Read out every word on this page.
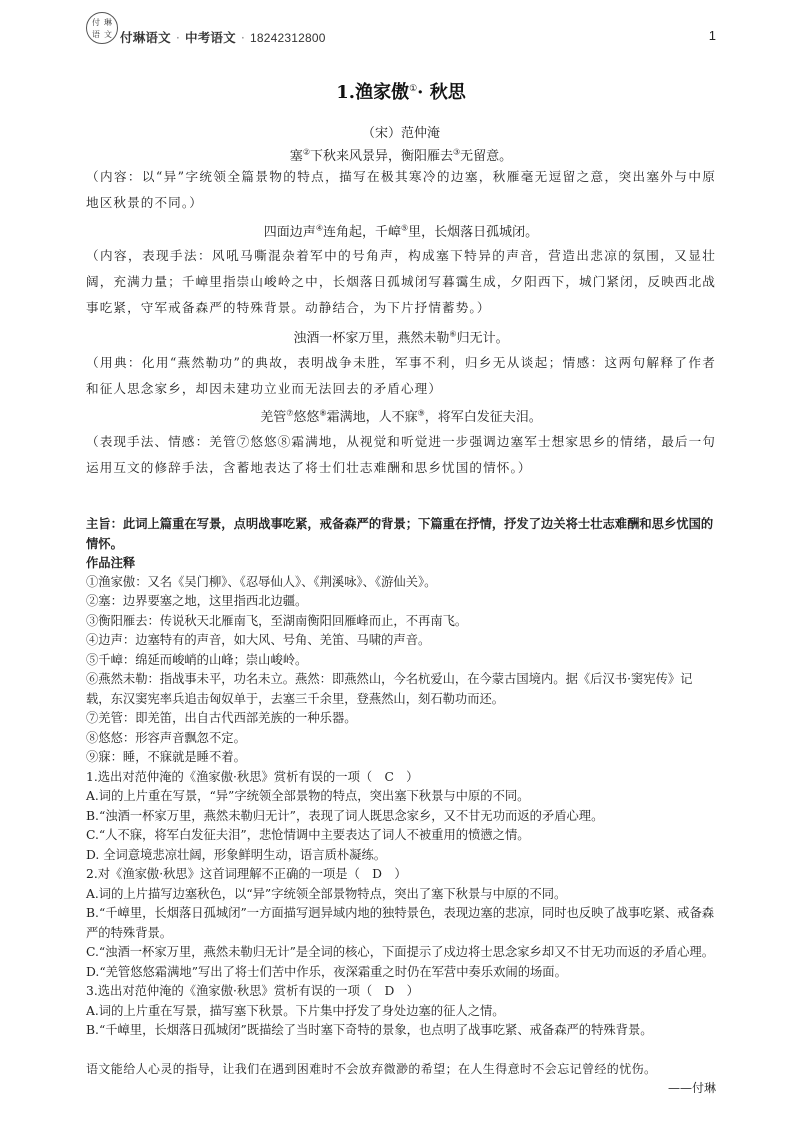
付 琳
语 文 付琳语文 · 中考语文 · 18242312800	1
1.渔家傲①· 秋思
（宋）范仲淹
塞②下秋来风景异，衡阳雁去③无留意。
（内容：以“异”字统领全篇景物的特点，描写在极其寒冷的边塞，秋雁毫无逗留之意，突出塞外与中原地区秋景的不同。）
四面边声④连角起，千嶂⑤里，长烟落日孤城闭。
（内容，表现手法：风吼马嘶混杂着军中的号角声，构成塞下特异的声音，营造出悲凉的氛围，又显壮阔，充满力量；千嶂里指崇山峻岭之中，长烟落日孤城闭写暮霭生成，夕阳西下，城门紧闭，反映西北战事吃紧，守军戒备森严的特殊背景。动静结合，为下片抒情蓄势。）
浊酒一杯家万里，燕然未勒⑥归无计。
（用典：化用“燕然勒功”的典故，表明战争未胜，军事不利，归乡无从谈起；情感：这两句解释了作者和征人思念家乡，却因未建功立业而无法回去的矛盾心理）
羌管⑦悠悠⑧霜满地，人不寐⑨，将军白发征夫泪。
（表现手法、情感：羌管⑦悠悠⑧霜满地，从视觉和听觉进一步强调边塞军士想家思乡的情绪，最后一句运用互文的修辞手法，含蓄地表达了将士们壮志难酬和思乡忧国的情怀。）
主旨：此词上篇重在写景，点明战事吃紧，戒备森严的背景；下篇重在抒情，抒发了边关将士壮志难酬和思乡忧国的情怀。
作品注释
①渔家傲：又名《吴门柳》、《忍辱仙人》、《荆溪咏》、《游仙关》。
②塞：边界要塞之地，这里指西北边疆。
③衡阳雁去：传说秋天北雁南飞，至湖南衡阳回雁峰而止，不再南飞。
④边声：边塞特有的声音，如大风、号角、羌笛、马啸的声音。
⑤千嶂：绵延而峻峭的山峰；崇山峻岭。
⑥燕然未勒：指战事未平，功名未立。燕然：即燕然山，今名杭爱山，在今蒙古国境内。据《后汉书·窦宪传》记载，东汉窦宪率兵追击匈奴单于，去塞三千余里，登燕然山，刻石勒功而还。
⑦羌管：即羌笛，出自古代西部羌族的一种乐器。
⑧悠悠：形容声音飘忽不定。
⑨寐：睡，不寐就是睡不着。
1.选出对范仲淹的《渔家傲·秋思》赏析有误的一项（　C　）
A.词的上片重在写景，“异”字统领全部景物的特点，突出塞下秋景与中原的不同。
B.“浊酒一杯家万里，燕然未勒归无计”，表现了词人既思念家乡，又不甘无功而返的矛盾心理。
C.“人不寐，将军白发征夫泪”，悲怆情调中主要表达了词人不被重用的愤懑之情。
D. 全词意境悲凉壮阔，形象鲜明生动，语言质朴凝练。
2.对《渔家傲·秋思》这首词理解不正确的一项是（　D　）
A.词的上片描写边塞秋色，以“异”字统领全部景物特点，突出了塞下秋景与中原的不同。
B.“千嶂里，长烟落日孤城闭”一方面描写迥异域内地的独特景色，表现边塞的悲凉，同时也反映了战事吃紧、戒备森严的特殊背景。
C.“浊酒一杯家万里，燕然未勒归无计”是全词的核心，下面提示了戍边将士思念家乡却又不甘无功而返的矛盾心理。
D.“羌管悠悠霜满地”写出了将士们苦中作乐，夜深霜重之时仍在军营中奏乐欢闹的场面。
3.选出对范仲淹的《渔家傲·秋思》赏析有误的一项（　D　）
A.词的上片重在写景，描写塞下秋景。下片集中抒发了身处边塞的征人之情。
B.“千嶂里，长烟落日孤城闭”既描绘了当时塞下奇特的景象，也点明了战事吃紧、戒备森严的特殊背景。
语文能给人心灵的指导，让我们在遇到困难时不会放弃微渺的希望；在人生得意时不会忘记曾经的忧伤。
——付琳
